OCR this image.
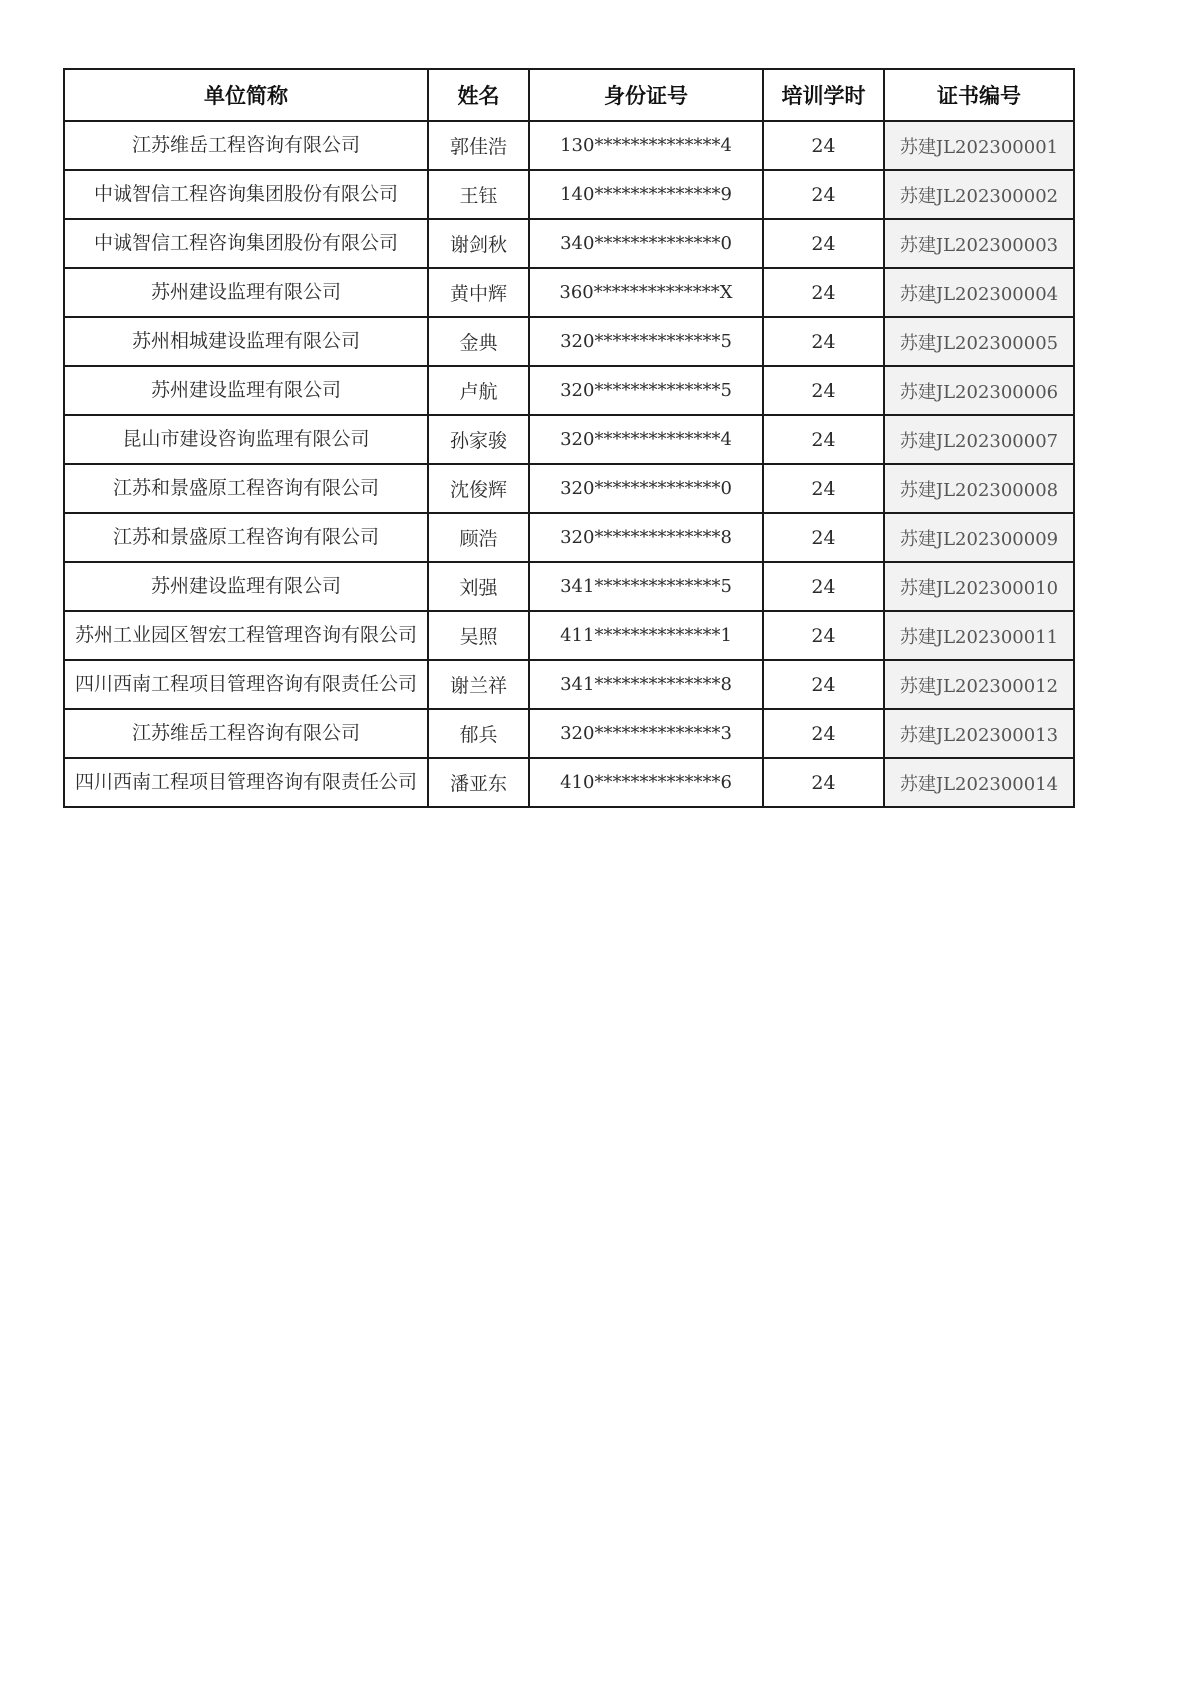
单位简称	姓名	身份证号	培训学时	证书编号
江苏维岳工程咨询有限公司	郭佳浩	130**************4	24	苏建JL202300001
中诚智信工程咨询集团股份有限公司	王钰	140**************9	24	苏建JL202300002
中诚智信工程咨询集团股份有限公司	谢剑秋	340**************0	24	苏建JL202300003
苏州建设监理有限公司	黄中辉	360**************X	24	苏建JL202300004
苏州相城建设监理有限公司	金典	320**************5	24	苏建JL202300005
苏州建设监理有限公司	卢航	320**************5	24	苏建JL202300006
昆山市建设咨询监理有限公司	孙家骏	320**************4	24	苏建JL202300007
江苏和景盛原工程咨询有限公司	沈俊辉	320**************0	24	苏建JL202300008
江苏和景盛原工程咨询有限公司	顾浩	320**************8	24	苏建JL202300009
苏州建设监理有限公司	刘强	341**************5	24	苏建JL202300010
苏州工业园区智宏工程管理咨询有限公司	吴照	411**************1	24	苏建JL202300011
四川西南工程项目管理咨询有限责任公司	谢兰祥	341**************8	24	苏建JL202300012
江苏维岳工程咨询有限公司	郁兵	320**************3	24	苏建JL202300013
四川西南工程项目管理咨询有限责任公司	潘亚东	410**************6	24	苏建JL202300014
